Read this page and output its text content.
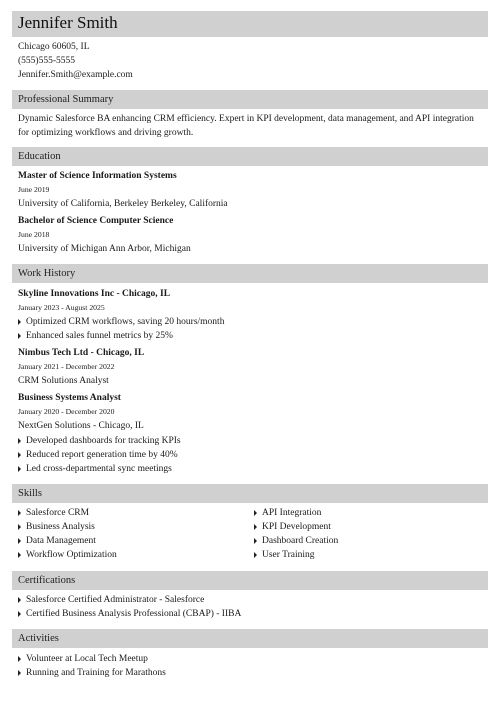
Jennifer Smith
Chicago 60605, IL
(555)555-5555
Jennifer.Smith@example.com
Professional Summary
Dynamic Salesforce BA enhancing CRM efficiency. Expert in KPI development, data management, and API integration for optimizing workflows and driving growth.
Education
Master of Science Information Systems
June 2019
University of California, Berkeley Berkeley, California
Bachelor of Science Computer Science
June 2018
University of Michigan Ann Arbor, Michigan
Work History
Skyline Innovations Inc - Chicago, IL
January 2023 - August 2025
Optimized CRM workflows, saving 20 hours/month
Enhanced sales funnel metrics by 25%
Nimbus Tech Ltd - Chicago, IL
January 2021 - December 2022
CRM Solutions Analyst
Business Systems Analyst
January 2020 - December 2020
NextGen Solutions - Chicago, IL
Developed dashboards for tracking KPIs
Reduced report generation time by 40%
Led cross-departmental sync meetings
Skills
Salesforce CRM
Business Analysis
Data Management
Workflow Optimization
API Integration
KPI Development
Dashboard Creation
User Training
Certifications
Salesforce Certified Administrator - Salesforce
Certified Business Analysis Professional (CBAP) - IIBA
Activities
Volunteer at Local Tech Meetup
Running and Training for Marathons
